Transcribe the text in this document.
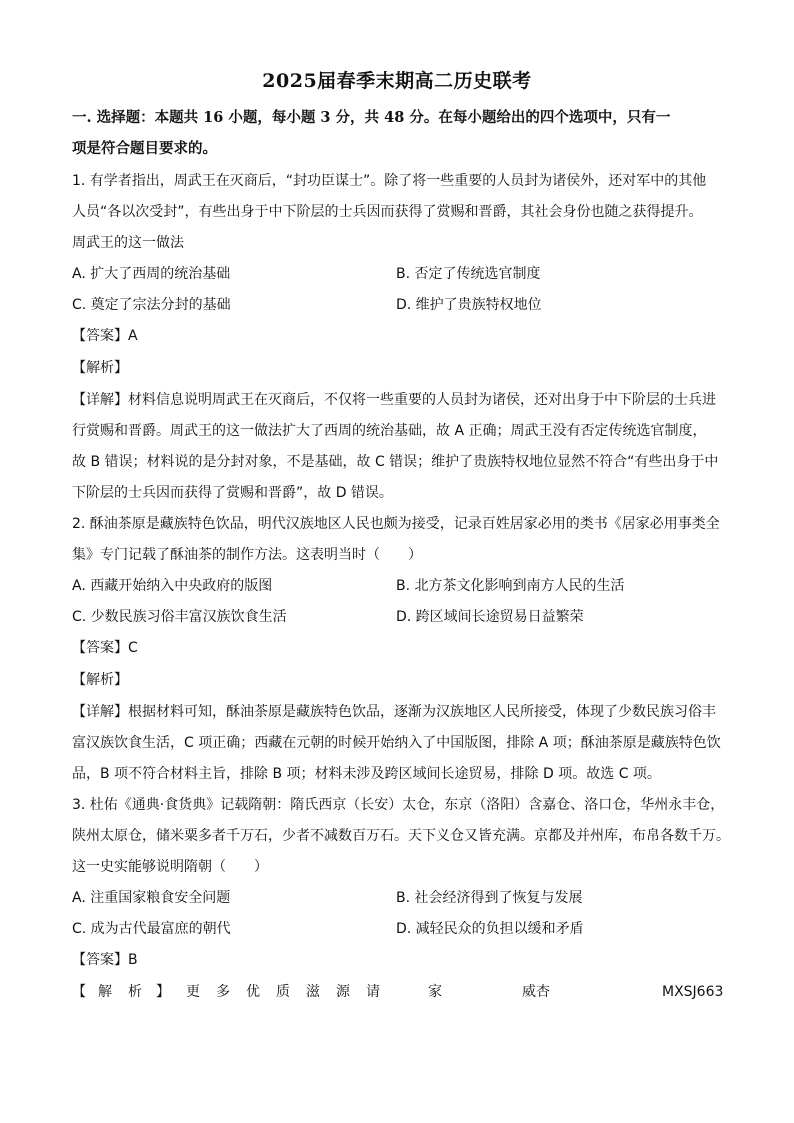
2025届春季末期高二历史联考
一. 选择题：本题共 16 小题，每小题 3 分，共 48 分。在每小题给出的四个选项中，只有一
项是符合题目要求的。
1. 有学者指出，周武王在灭商后，“封功臣谋士”。除了将一些重要的人员封为诸侯外，还对军中的其他
人员“各以次受封”，有些出身于中下阶层的士兵因而获得了赏赐和晋爵，其社会身份也随之获得提升。
周武王的这一做法
A. 扩大了西周的统治基础	B. 否定了传统选官制度
C. 奠定了宗法分封的基础	D. 维护了贵族特权地位
【答案】A
【解析】
【详解】材料信息说明周武王在灭商后，不仅将一些重要的人员封为诸侯，还对出身于中下阶层的士兵进
行赏赐和晋爵。周武王的这一做法扩大了西周的统治基础，故 A 正确；周武王没有否定传统选官制度，
故 B 错误；材料说的是分封对象，不是基础，故 C 错误；维护了贵族特权地位显然不符合“有些出身于中
下阶层的士兵因而获得了赏赐和晋爵”，故 D 错误。
2. 酥油茶原是藏族特色饮品，明代汉族地区人民也颇为接受，记录百姓居家必用的类书《居家必用事类全
集》专门记载了酥油茶的制作方法。这表明当时（　　）
A. 西藏开始纳入中央政府的版图	B. 北方茶文化影响到南方人民的生活
C. 少数民族习俗丰富汉族饮食生活	D. 跨区域间长途贸易日益繁荣
【答案】C
【解析】
【详解】根据材料可知，酥油茶原是藏族特色饮品，逐渐为汉族地区人民所接受，体现了少数民族习俗丰
富汉族饮食生活，C 项正确；西藏在元朝的时候开始纳入了中国版图，排除 A 项；酥油茶原是藏族特色饮
品，B 项不符合材料主旨，排除 B 项；材料未涉及跨区域间长途贸易，排除 D 项。故选 C 项。
3. 杜佑《通典·食货典》记载隋朝：隋氏西京（长安）太仓，东京（洛阳）含嘉仓、洛口仓，华州永丰仓，
陕州太原仓，储米粟多者千万石，少者不减数百万石。天下义仓又皆充满。京都及并州库，布帛各数千万。
这一史实能够说明隋朝（　　）
A. 注重国家粮食安全问题	B. 社会经济得到了恢复与发展
C. 成为古代最富庶的朝代	D. 减轻民众的负担以缓和矛盾
【答案】B
【 解 析 】 更 多 优 质 滋 源 请	家	威杏	MXSJ663
